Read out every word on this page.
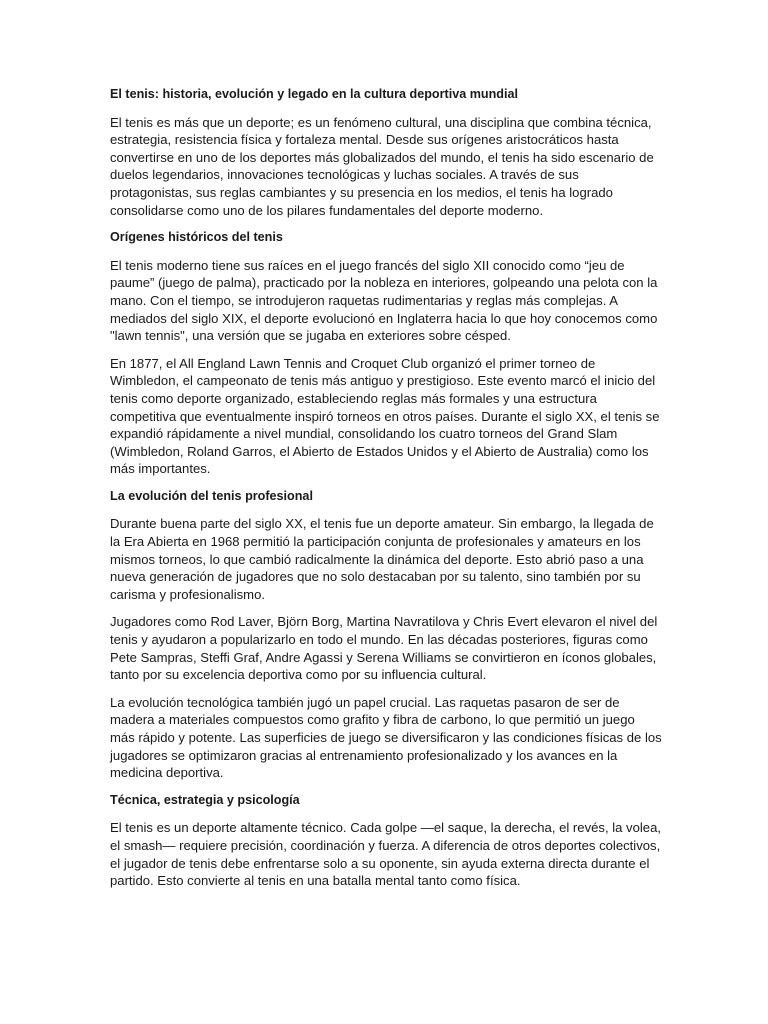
El tenis: historia, evolución y legado en la cultura deportiva mundial

El tenis es más que un deporte; es un fenómeno cultural, una disciplina que combina técnica, estrategia, resistencia física y fortaleza mental. Desde sus orígenes aristocráticos hasta convertirse en uno de los deportes más globalizados del mundo, el tenis ha sido escenario de duelos legendarios, innovaciones tecnológicas y luchas sociales. A través de sus protagonistas, sus reglas cambiantes y su presencia en los medios, el tenis ha logrado consolidarse como uno de los pilares fundamentales del deporte moderno.

Orígenes históricos del tenis

El tenis moderno tiene sus raíces en el juego francés del siglo XII conocido como “jeu de paume” (juego de palma), practicado por la nobleza en interiores, golpeando una pelota con la mano. Con el tiempo, se introdujeron raquetas rudimentarias y reglas más complejas. A mediados del siglo XIX, el deporte evolucionó en Inglaterra hacia lo que hoy conocemos como "lawn tennis", una versión que se jugaba en exteriores sobre césped.

En 1877, el All England Lawn Tennis and Croquet Club organizó el primer torneo de Wimbledon, el campeonato de tenis más antiguo y prestigioso. Este evento marcó el inicio del tenis como deporte organizado, estableciendo reglas más formales y una estructura competitiva que eventualmente inspiró torneos en otros países. Durante el siglo XX, el tenis se expandió rápidamente a nivel mundial, consolidando los cuatro torneos del Grand Slam (Wimbledon, Roland Garros, el Abierto de Estados Unidos y el Abierto de Australia) como los más importantes.

La evolución del tenis profesional

Durante buena parte del siglo XX, el tenis fue un deporte amateur. Sin embargo, la llegada de la Era Abierta en 1968 permitió la participación conjunta de profesionales y amateurs en los mismos torneos, lo que cambió radicalmente la dinámica del deporte. Esto abrió paso a una nueva generación de jugadores que no solo destacaban por su talento, sino también por su carisma y profesionalismo.

Jugadores como Rod Laver, Björn Borg, Martina Navratilova y Chris Evert elevaron el nivel del tenis y ayudaron a popularizarlo en todo el mundo. En las décadas posteriores, figuras como Pete Sampras, Steffi Graf, Andre Agassi y Serena Williams se convirtieron en íconos globales, tanto por su excelencia deportiva como por su influencia cultural.

La evolución tecnológica también jugó un papel crucial. Las raquetas pasaron de ser de madera a materiales compuestos como grafito y fibra de carbono, lo que permitió un juego más rápido y potente. Las superficies de juego se diversificaron y las condiciones físicas de los jugadores se optimizaron gracias al entrenamiento profesionalizado y los avances en la medicina deportiva.

Técnica, estrategia y psicología

El tenis es un deporte altamente técnico. Cada golpe —el saque, la derecha, el revés, la volea, el smash— requiere precisión, coordinación y fuerza. A diferencia de otros deportes colectivos, el jugador de tenis debe enfrentarse solo a su oponente, sin ayuda externa directa durante el partido. Esto convierte al tenis en una batalla mental tanto como física.
